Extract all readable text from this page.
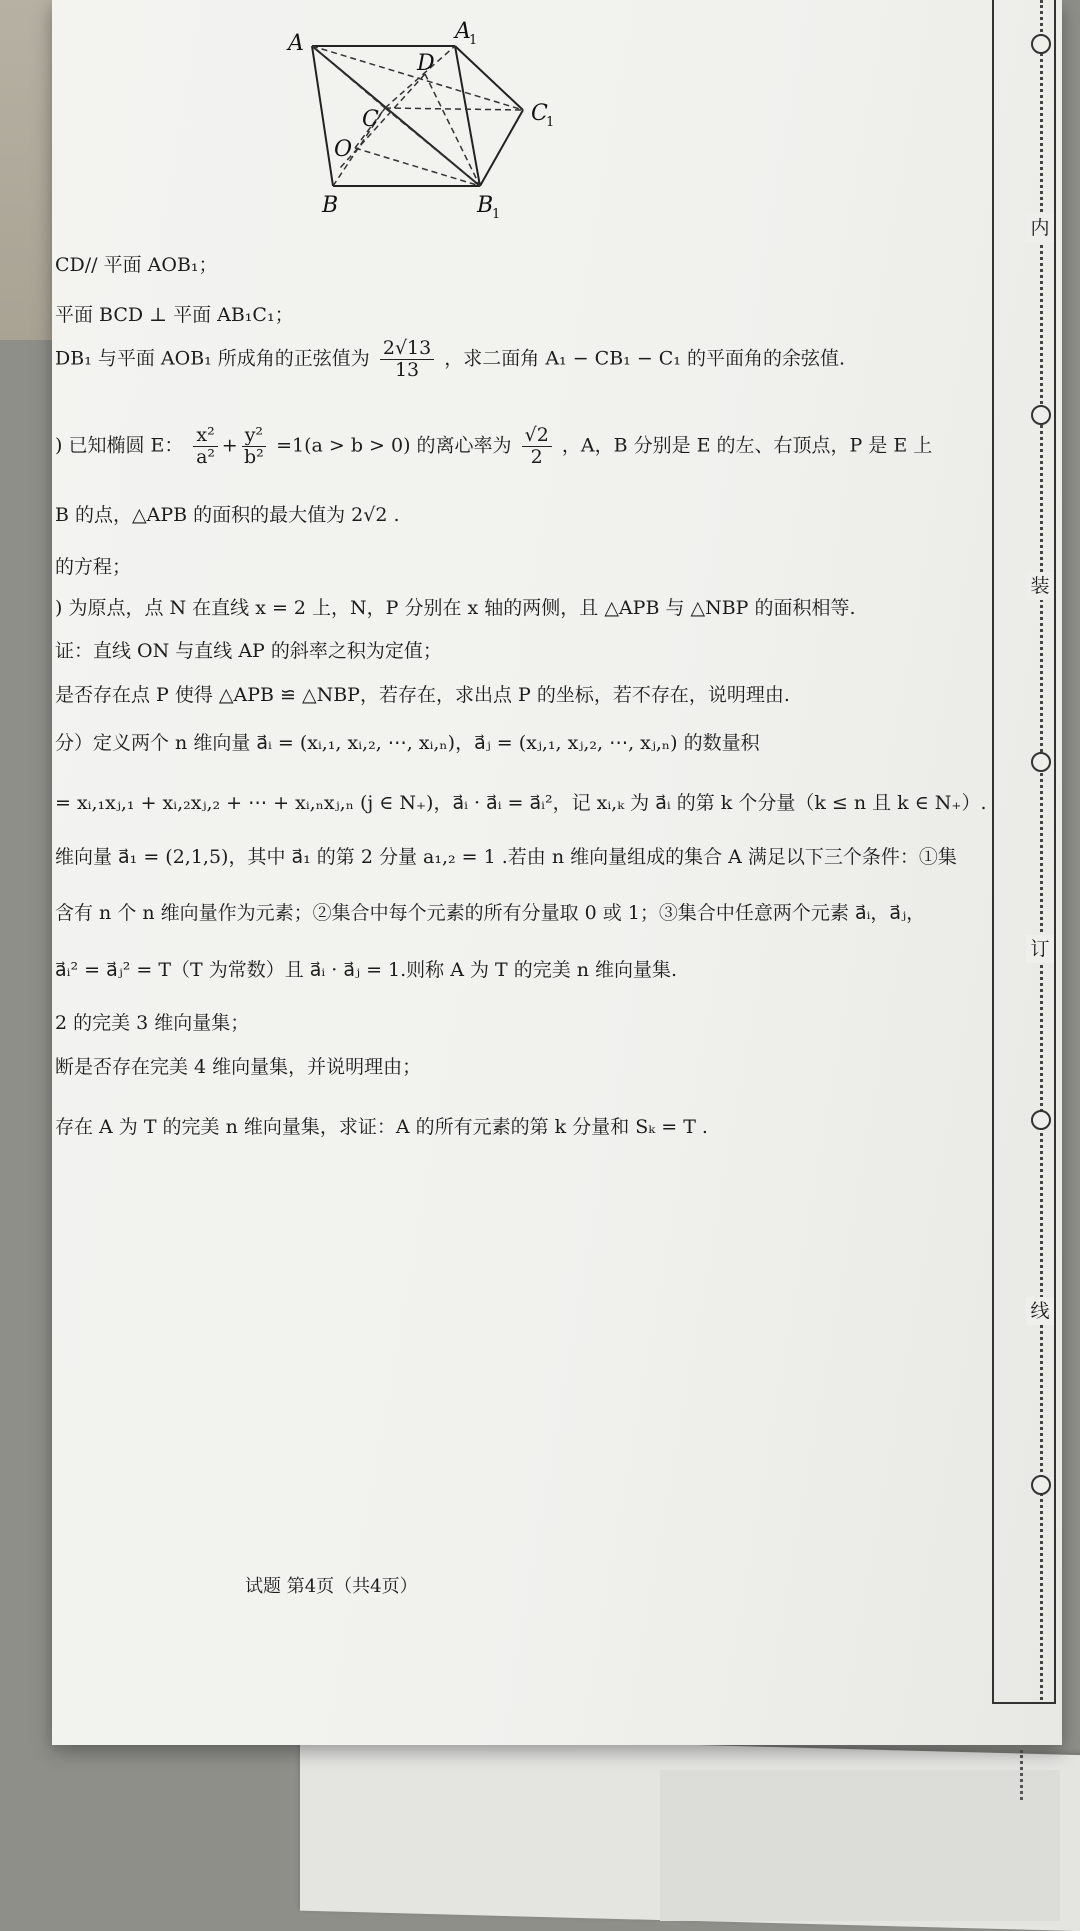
A	A
1
D
C	C
1
O
B	B
1
CD// 平面 AOB₁；
平面 BCD ⊥ 平面 AB₁C₁；
DB₁ 与平面 AOB₁ 所成角的正弦值为 $\frac{2√13}{13}$ ，求二面角 A₁ − CB₁ − C₁ 的平面角的余弦值.
) 已知椭圆 E： $\frac{\text{x²}}{\text{a²}} + \frac{\text{y²}}{\text{b²}} =1(a > b > 0)$ 的离心率为 $\frac{√2}{2}$ ，A，B 分别是 E 的左、右顶点，P 是 E 上
B 的点，△APB 的面积的最大值为 2√2 .
的方程；
) 为原点，点 N 在直线 x = 2 上，N，P 分别在 x 轴的两侧，且 △APB 与 △NBP 的面积相等.
证：直线 ON 与直线 AP 的斜率之积为定值；
是否存在点 P 使得 △APB ≌ △NBP，若存在，求出点 P 的坐标，若不存在，说明理由.
分）定义两个 n 维向量 a⃗ᵢ = (xᵢ,₁, xᵢ,₂, ⋯, xᵢ,ₙ)，a⃗ⱼ = (xⱼ,₁, xⱼ,₂, ⋯, xⱼ,ₙ) 的数量积
= xᵢ,₁xⱼ,₁ + xᵢ,₂xⱼ,₂ + ⋯ + xᵢ,ₙxⱼ,ₙ (j ∈ N₊)，a⃗ᵢ · a⃗ᵢ = a⃗ᵢ²，记 xᵢ,ₖ 为 a⃗ᵢ 的第 k 个分量（k ≤ n 且 k ∈ N₊）.
维向量 a⃗₁ = (2,1,5)，其中 a⃗₁ 的第 2 分量 a₁,₂ = 1 .若由 n 维向量组成的集合 A 满足以下三个条件：①集
含有 n 个 n 维向量作为元素；②集合中每个元素的所有分量取 0 或 1；③集合中任意两个元素 a⃗ᵢ，a⃗ⱼ，
a⃗ᵢ² = a⃗ⱼ² = T（T 为常数）且 a⃗ᵢ · a⃗ⱼ = 1.则称 A 为 T 的完美 n 维向量集.
2 的完美 3 维向量集；
断是否存在完美 4 维向量集，并说明理由；
存在 A 为 T 的完美 n 维向量集，求证：A 的所有元素的第 k 分量和 Sₖ = T .
试题 第4页（共4页）
内
装
订
线
